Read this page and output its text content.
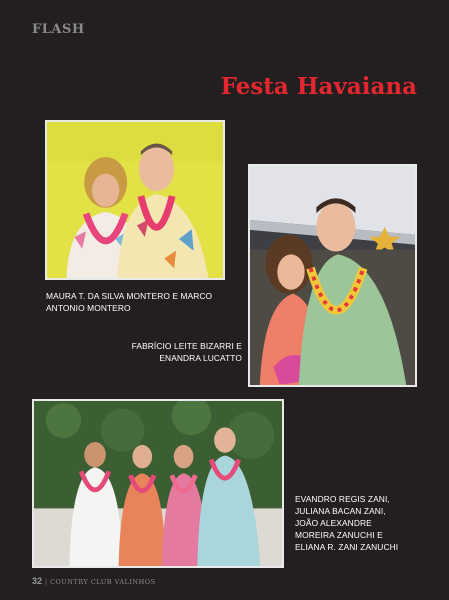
FLASH
Festa Havaiana
MAURA T. DA SILVA MONTERO E MARCO
ANTONIO MONTERO
FABRÍCIO LEITE BIZARRI E
ENANDRA LUCATTO
EVANDRO REGIS ZANI,
JULIANA BACAN ZANI,
JOÃO ALEXANDRE
MOREIRA ZANUCHI E
ELIANA R. ZANI ZANUCHI
32 | COUNTRY CLUB VALINHOS
